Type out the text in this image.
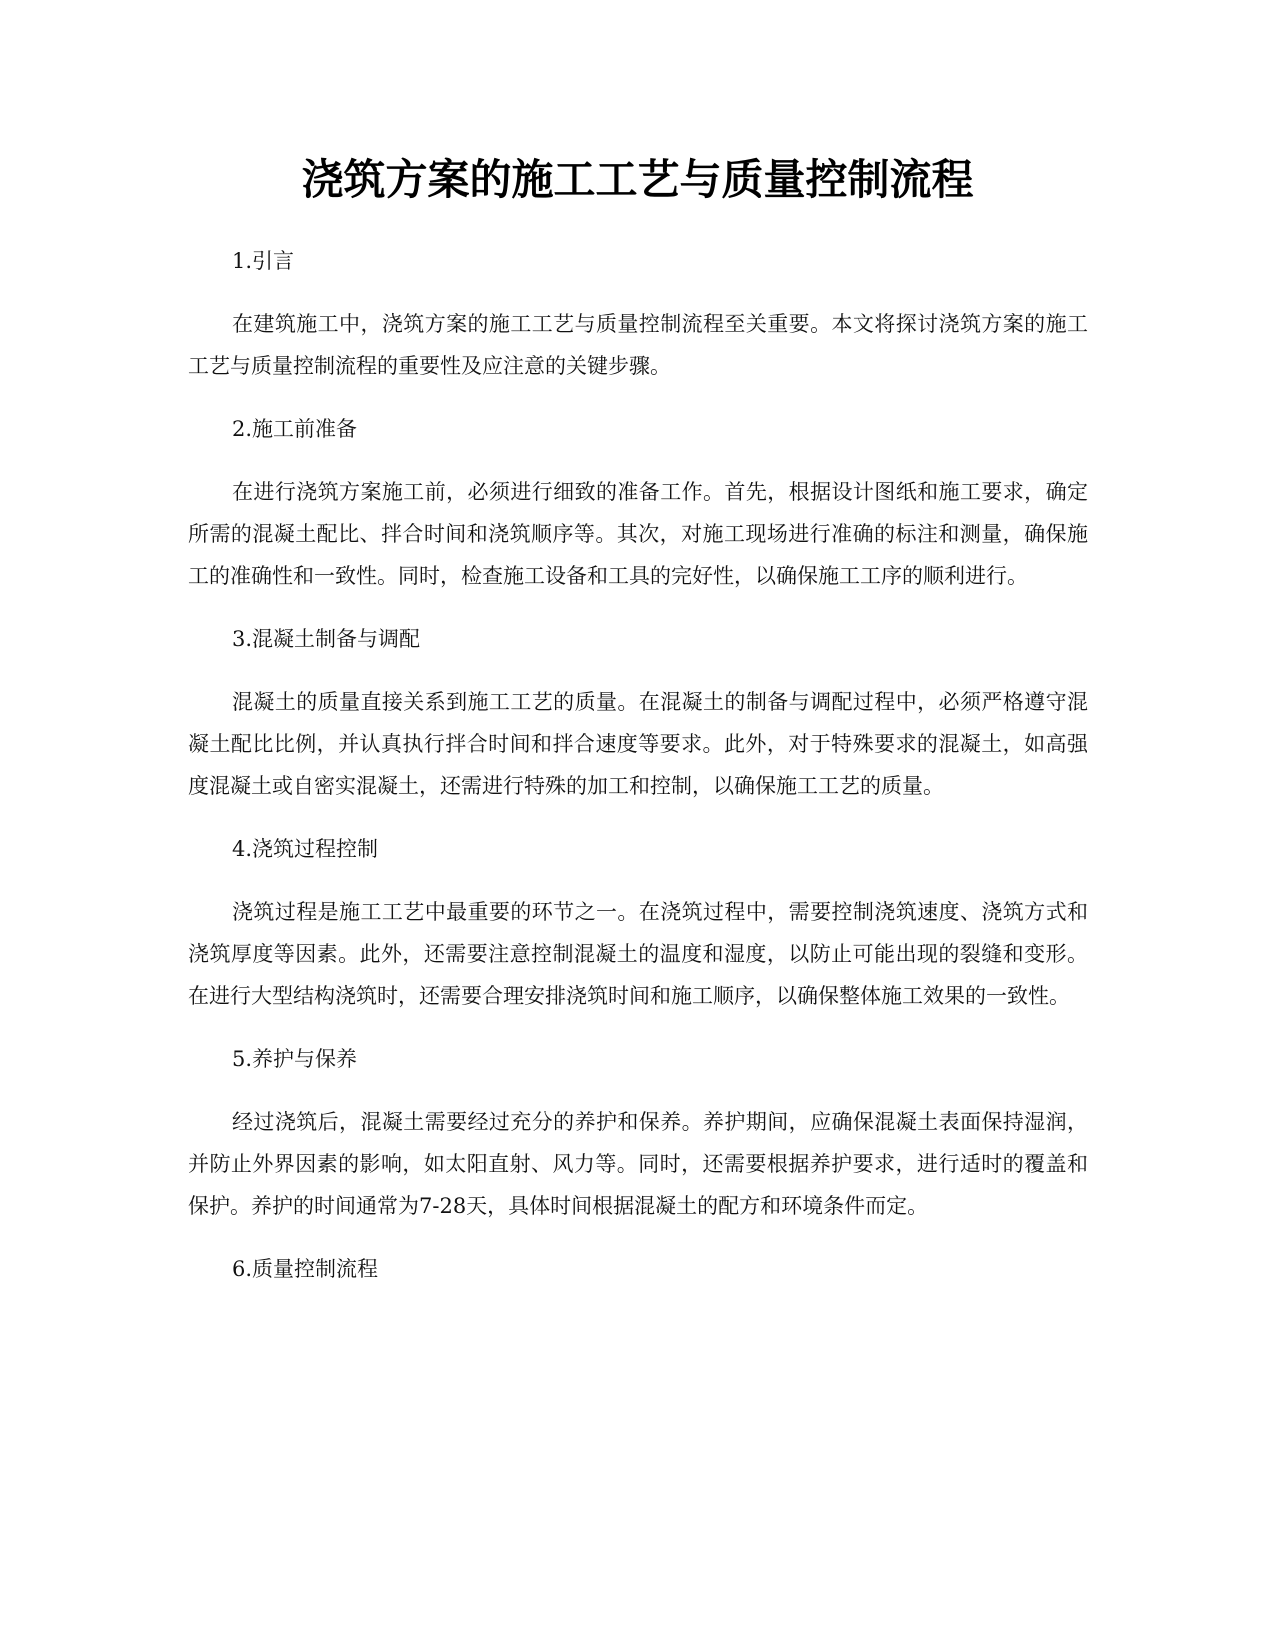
浇筑方案的施工工艺与质量控制流程

1.引言

在建筑施工中，浇筑方案的施工工艺与质量控制流程至关重要。本文将探讨浇筑方案的施工工艺与质量控制流程的重要性及应注意的关键步骤。

2.施工前准备

在进行浇筑方案施工前，必须进行细致的准备工作。首先，根据设计图纸和施工要求，确定所需的混凝土配比、拌合时间和浇筑顺序等。其次，对施工现场进行准确的标注和测量，确保施工的准确性和一致性。同时，检查施工设备和工具的完好性，以确保施工工序的顺利进行。

3.混凝土制备与调配

混凝土的质量直接关系到施工工艺的质量。在混凝土的制备与调配过程中，必须严格遵守混凝土配比比例，并认真执行拌合时间和拌合速度等要求。此外，对于特殊要求的混凝土，如高强度混凝土或自密实混凝土，还需进行特殊的加工和控制，以确保施工工艺的质量。

4.浇筑过程控制

浇筑过程是施工工艺中最重要的环节之一。在浇筑过程中，需要控制浇筑速度、浇筑方式和浇筑厚度等因素。此外，还需要注意控制混凝土的温度和湿度，以防止可能出现的裂缝和变形。在进行大型结构浇筑时，还需要合理安排浇筑时间和施工顺序，以确保整体施工效果的一致性。

5.养护与保养

经过浇筑后，混凝土需要经过充分的养护和保养。养护期间，应确保混凝土表面保持湿润，并防止外界因素的影响，如太阳直射、风力等。同时，还需要根据养护要求，进行适时的覆盖和保护。养护的时间通常为7-28天，具体时间根据混凝土的配方和环境条件而定。

6.质量控制流程
